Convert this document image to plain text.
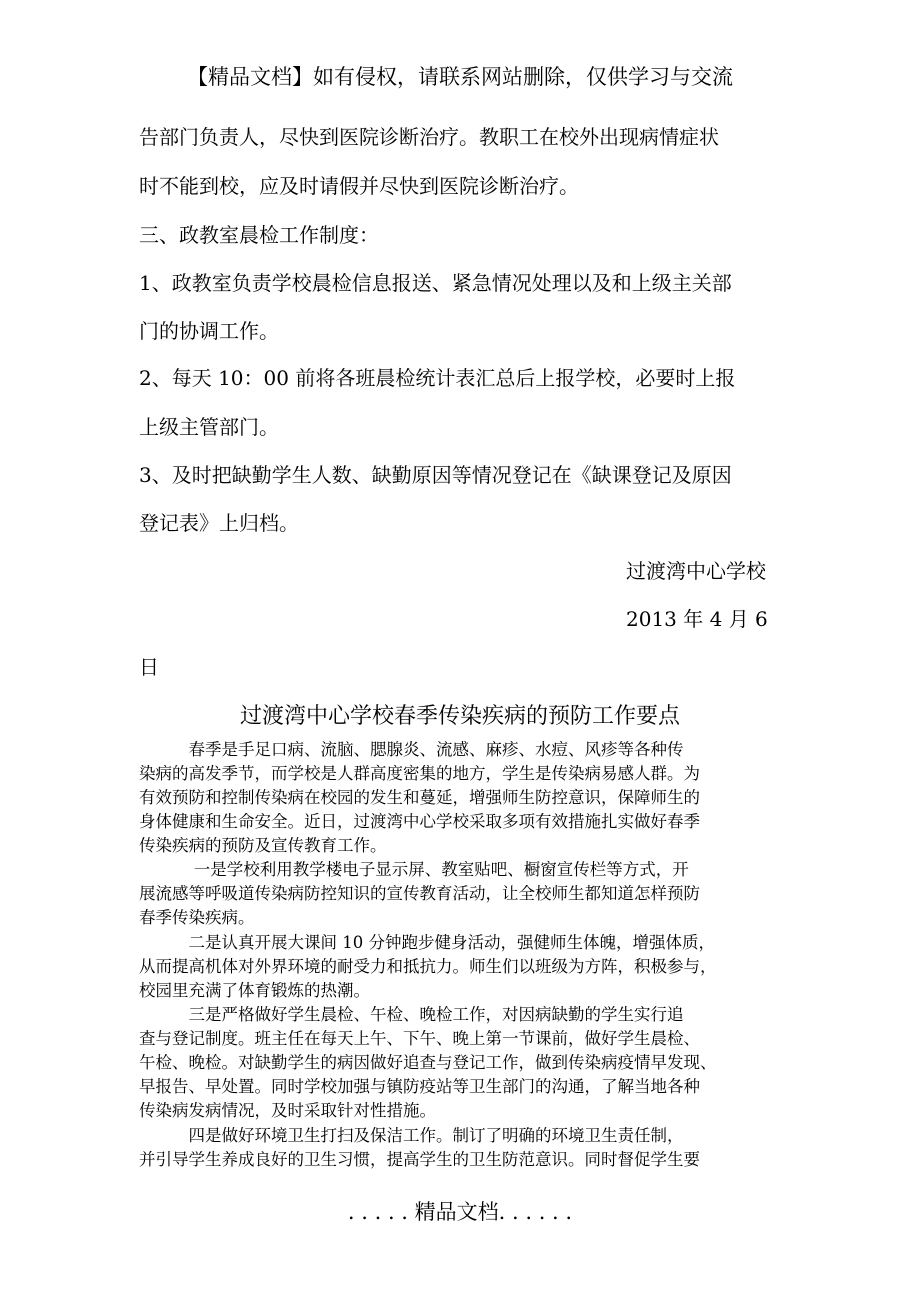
【精品文档】如有侵权，请联系网站删除，仅供学习与交流
告部门负责人，尽快到医院诊断治疗。教职工在校外出现病情症状
时不能到校，应及时请假并尽快到医院诊断治疗。
三、政教室晨检工作制度：
1、政教室负责学校晨检信息报送、紧急情况处理以及和上级主关部
门的协调工作。
2、每天 10：00 前将各班晨检统计表汇总后上报学校，必要时上报
上级主管部门。
3、及时把缺勤学生人数、缺勤原因等情况登记在《缺课登记及原因
登记表》上归档。
过渡湾中心学校
2013 年 4 月 6
日
过渡湾中心学校春季传染疾病的预防工作要点
　　　春季是手足口病、流脑、腮腺炎、流感、麻疹、水痘、风疹等各种传
染病的高发季节，而学校是人群高度密集的地方，学生是传染病易感人群。为
有效预防和控制传染病在校园的发生和蔓延，增强师生防控意识，保障师生的
身体健康和生命安全。近日，过渡湾中心学校采取多项有效措施扎实做好春季
传染疾病的预防及宣传教育工作。
　　　 一是学校利用教学楼电子显示屏、教室贴吧、橱窗宣传栏等方式，开
展流感等呼吸道传染病防控知识的宣传教育活动，让全校师生都知道怎样预防
春季传染疾病。
　　　二是认真开展大课间 10 分钟跑步健身活动，强健师生体魄，增强体质，
从而提高机体对外界环境的耐受力和抵抗力。师生们以班级为方阵，积极参与，
校园里充满了体育锻炼的热潮。
　　　三是严格做好学生晨检、午检、晚检工作，对因病缺勤的学生实行追
查与登记制度。班主任在每天上午、下午、晚上第一节课前，做好学生晨检、
午检、晚检。对缺勤学生的病因做好追查与登记工作，做到传染病疫情早发现、
早报告、早处置。同时学校加强与镇防疫站等卫生部门的沟通，了解当地各种
传染病发病情况，及时采取针对性措施。
　　　四是做好环境卫生打扫及保洁工作。制订了明确的环境卫生责任制，
并引导学生养成良好的卫生习惯，提高学生的卫生防范意识。同时督促学生要
. . . . . 精品文档. . . . . .
